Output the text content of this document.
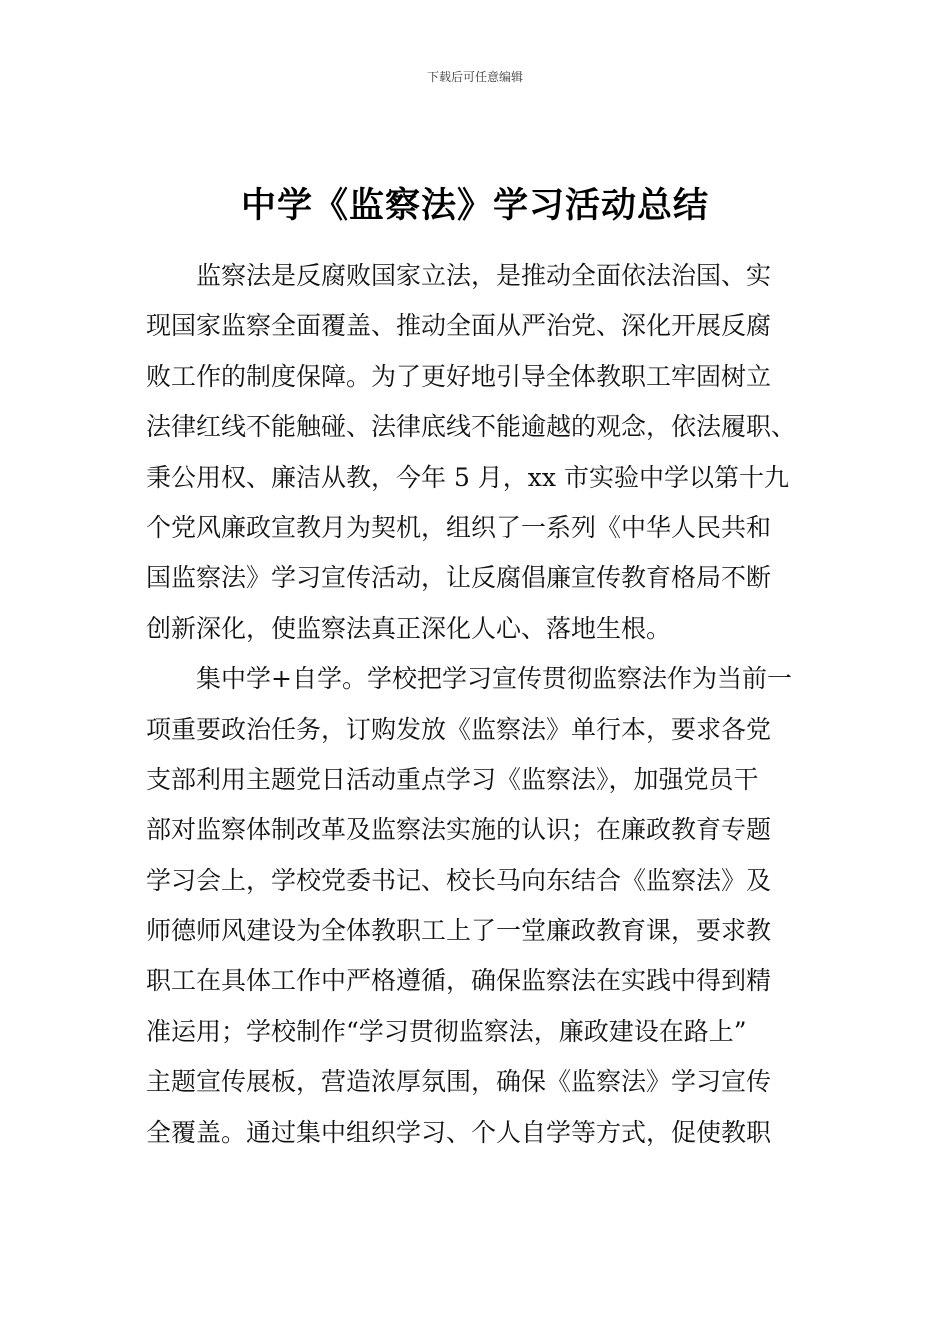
下载后可任意编辑
中学《监察法》学习活动总结
监察法是反腐败国家立法，是推动全面依法治国、实
现国家监察全面覆盖、推动全面从严治党、深化开展反腐
败工作的制度保障。为了更好地引导全体教职工牢固树立
法律红线不能触碰、法律底线不能逾越的观念，依法履职、
秉公用权、廉洁从教，今年 5 月，xx 市实验中学以第十九
个党风廉政宣教月为契机，组织了一系列《中华人民共和
国监察法》学习宣传活动，让反腐倡廉宣传教育格局不断
创新深化，使监察法真正深化人心、落地生根。
集中学+自学。学校把学习宣传贯彻监察法作为当前一
项重要政治任务，订购发放《监察法》单行本，要求各党
支部利用主题党日活动重点学习《监察法》，加强党员干
部对监察体制改革及监察法实施的认识；在廉政教育专题
学习会上，学校党委书记、校长马向东结合《监察法》及
师德师风建设为全体教职工上了一堂廉政教育课，要求教
职工在具体工作中严格遵循，确保监察法在实践中得到精
准运用；学校制作“学习贯彻监察法，廉政建设在路上”
主题宣传展板，营造浓厚氛围，确保《监察法》学习宣传
全覆盖。通过集中组织学习、个人自学等方式，促使教职
